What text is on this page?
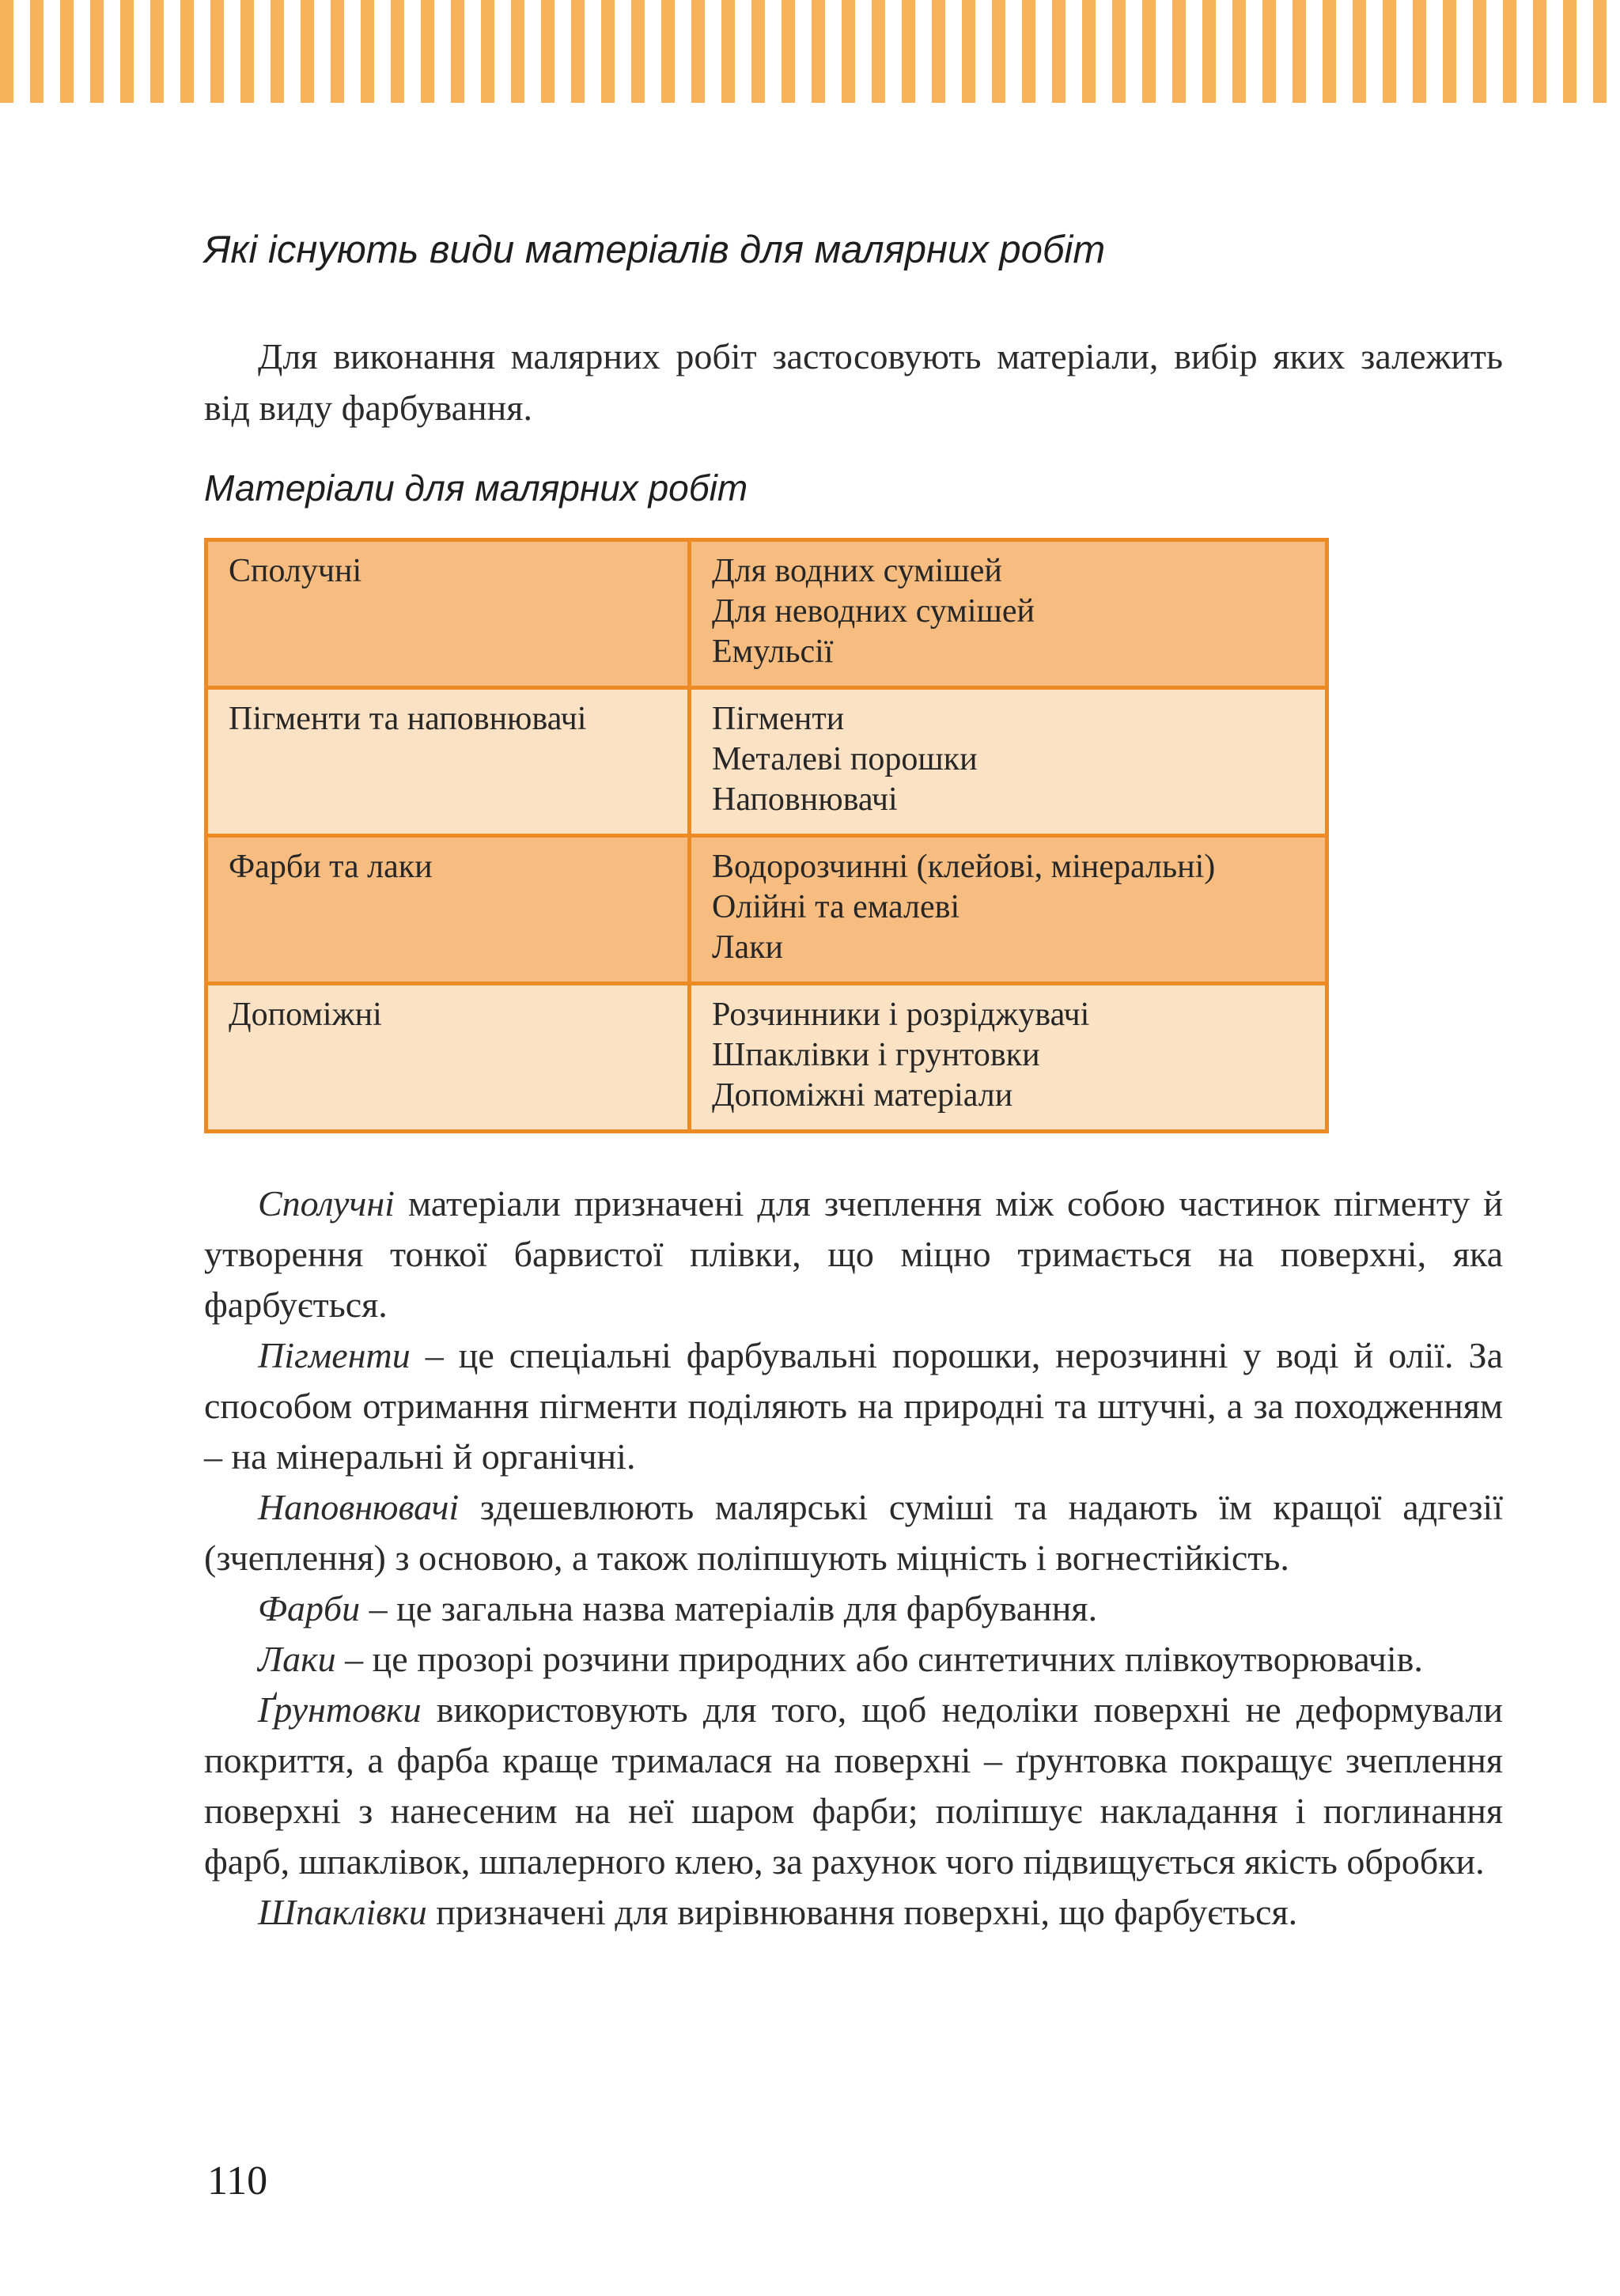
Які існують види матеріалів для малярних робіт

Для виконання малярних робіт застосовують матеріали, вибір яких залежить від виду фарбування.

Матеріали для малярних робіт

Сполучні	Для водних сумішей
Для неводних сумішей
Емульсії

Пігменти та наповнювачі	Пігменти
Металеві порошки
Наповнювачі

Фарби та лаки	Водорозчинні (клейові, мінеральні)
Олійні та емалеві
Лаки

Допоміжні	Розчинники і розріджувачі
Шпаклівки і грунтовки
Допоміжні матеріали

Сполучні матеріали призначені для зчеплення між собою частинок пігменту й утворення тонкої барвистої плівки, що міцно тримається на поверхні, яка фарбується.

Пігменти – це спеціальні фарбувальні порошки, нерозчинні у воді й олії. За способом отримання пігменти поділяють на природні та штучні, а за походженням – на мінеральні й органічні.

Наповнювачі здешевлюють малярські суміші та надають їм кращої адгезії (зчеплення) з основою, а також поліпшують міцність і вогнестійкість.

Фарби – це загальна назва матеріалів для фарбування.

Лаки – це прозорі розчини природних або синтетичних плівкоутворювачів.

Ґрунтовки використовують для того, щоб недоліки поверхні не деформували покриття, а фарба краще трималася на поверхні – ґрунтовка покращує зчеплення поверхні з нанесеним на неї шаром фарби; поліпшує накладання і поглинання фарб, шпаклівок, шпалерного клею, за рахунок чого підвищується якість обробки.

Шпаклівки призначені для вирівнювання поверхні, що фарбується.

110
